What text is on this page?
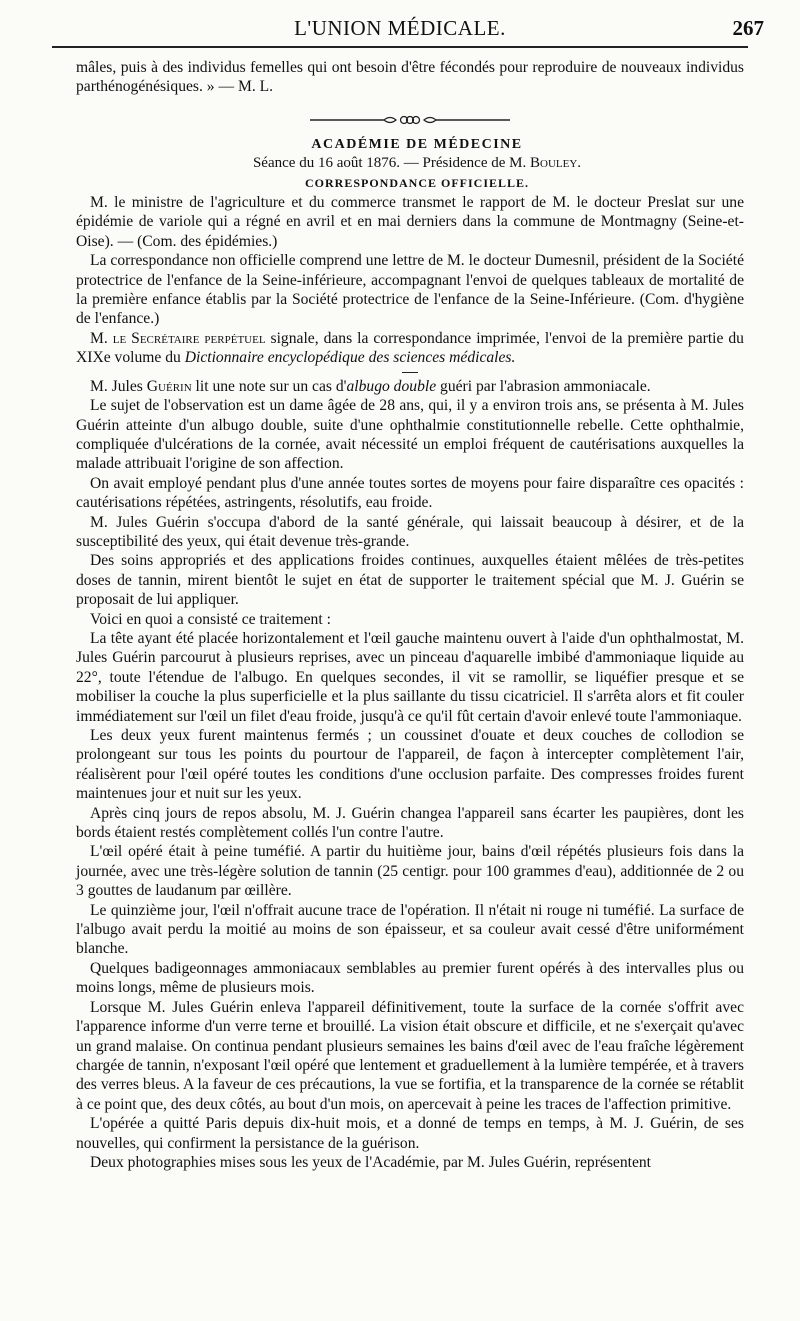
L'UNION MÉDICALE.	267

mâles, puis à des individus femelles qui ont besoin d'être fécondés pour reproduire de nouveaux individus parthénogénésiques. » — M. L.

ACADÉMIE DE MÉDECINE

Séance du 16 août 1876. — Présidence de M. Bouley.

CORRESPONDANCE OFFICIELLE.

M. le ministre de l'agriculture et du commerce transmet le rapport de M. le docteur Preslat sur une épidémie de variole qui a régné en avril et en mai derniers dans la commune de Montmagny (Seine-et-Oise). — (Com. des épidémies.)

La correspondance non officielle comprend une lettre de M. le docteur Dumesnil, président de la Société protectrice de l'enfance de la Seine-inférieure, accompagnant l'envoi de quelques tableaux de mortalité de la première enfance établis par la Société protectrice de l'enfance de la Seine-Inférieure. (Com. d'hygiène de l'enfance.)

M. le Secrétaire perpétuel signale, dans la correspondance imprimée, l'envoi de la première partie du XIXe volume du Dictionnaire encyclopédique des sciences médicales.

M. Jules Guérin lit une note sur un cas d'albugo double guéri par l'abrasion ammoniacale.

Le sujet de l'observation est un dame âgée de 28 ans, qui, il y a environ trois ans, se présenta à M. Jules Guérin atteinte d'un albugo double, suite d'une ophthalmie constitutionnelle rebelle. Cette ophthalmie, compliquée d'ulcérations de la cornée, avait nécessité un emploi fréquent de cautérisations auxquelles la malade attribuait l'origine de son affection.

On avait employé pendant plus d'une année toutes sortes de moyens pour faire disparaître ces opacités : cautérisations répétées, astringents, résolutifs, eau froide.

M. Jules Guérin s'occupa d'abord de la santé générale, qui laissait beaucoup à désirer, et de la susceptibilité des yeux, qui était devenue très-grande.

Des soins appropriés et des applications froides continues, auxquelles étaient mêlées de très-petites doses de tannin, mirent bientôt le sujet en état de supporter le traitement spécial que M. J. Guérin se proposait de lui appliquer.

Voici en quoi a consisté ce traitement :

La tête ayant été placée horizontalement et l'œil gauche maintenu ouvert à l'aide d'un ophthalmostat, M. Jules Guérin parcourut à plusieurs reprises, avec un pinceau d'aquarelle imbibé d'ammoniaque liquide au 22°, toute l'étendue de l'albugo. En quelques secondes, il vit se ramollir, se liquéfier presque et se mobiliser la couche la plus superficielle et la plus saillante du tissu cicatriciel. Il s'arrêta alors et fit couler immédiatement sur l'œil un filet d'eau froide, jusqu'à ce qu'il fût certain d'avoir enlevé toute l'ammoniaque.

Les deux yeux furent maintenus fermés ; un coussinet d'ouate et deux couches de collodion se prolongeant sur tous les points du pourtour de l'appareil, de façon à intercepter complètement l'air, réalisèrent pour l'œil opéré toutes les conditions d'une occlusion parfaite. Des compresses froides furent maintenues jour et nuit sur les yeux.

Après cinq jours de repos absolu, M. J. Guérin changea l'appareil sans écarter les paupières, dont les bords étaient restés complètement collés l'un contre l'autre.

L'œil opéré était à peine tuméfié. A partir du huitième jour, bains d'œil répétés plusieurs fois dans la journée, avec une très-légère solution de tannin (25 centigr. pour 100 grammes d'eau), additionnée de 2 ou 3 gouttes de laudanum par œillère.

Le quinzième jour, l'œil n'offrait aucune trace de l'opération. Il n'était ni rouge ni tuméfié. La surface de l'albugo avait perdu la moitié au moins de son épaisseur, et sa couleur avait cessé d'être uniformément blanche.

Quelques badigeonnages ammoniacaux semblables au premier furent opérés à des intervalles plus ou moins longs, même de plusieurs mois.

Lorsque M. Jules Guérin enleva l'appareil définitivement, toute la surface de la cornée s'offrit avec l'apparence informe d'un verre terne et brouillé. La vision était obscure et difficile, et ne s'exerçait qu'avec un grand malaise. On continua pendant plusieurs semaines les bains d'œil avec de l'eau fraîche légèrement chargée de tannin, n'exposant l'œil opéré que lentement et graduellement à la lumière tempérée, et à travers des verres bleus. A la faveur de ces précautions, la vue se fortifia, et la transparence de la cornée se rétablit à ce point que, des deux côtés, au bout d'un mois, on apercevait à peine les traces de l'affection primitive.

L'opérée a quitté Paris depuis dix-huit mois, et a donné de temps en temps, à M. J. Guérin, de ses nouvelles, qui confirment la persistance de la guérison.

Deux photographies mises sous les yeux de l'Académie, par M. Jules Guérin, représentent
